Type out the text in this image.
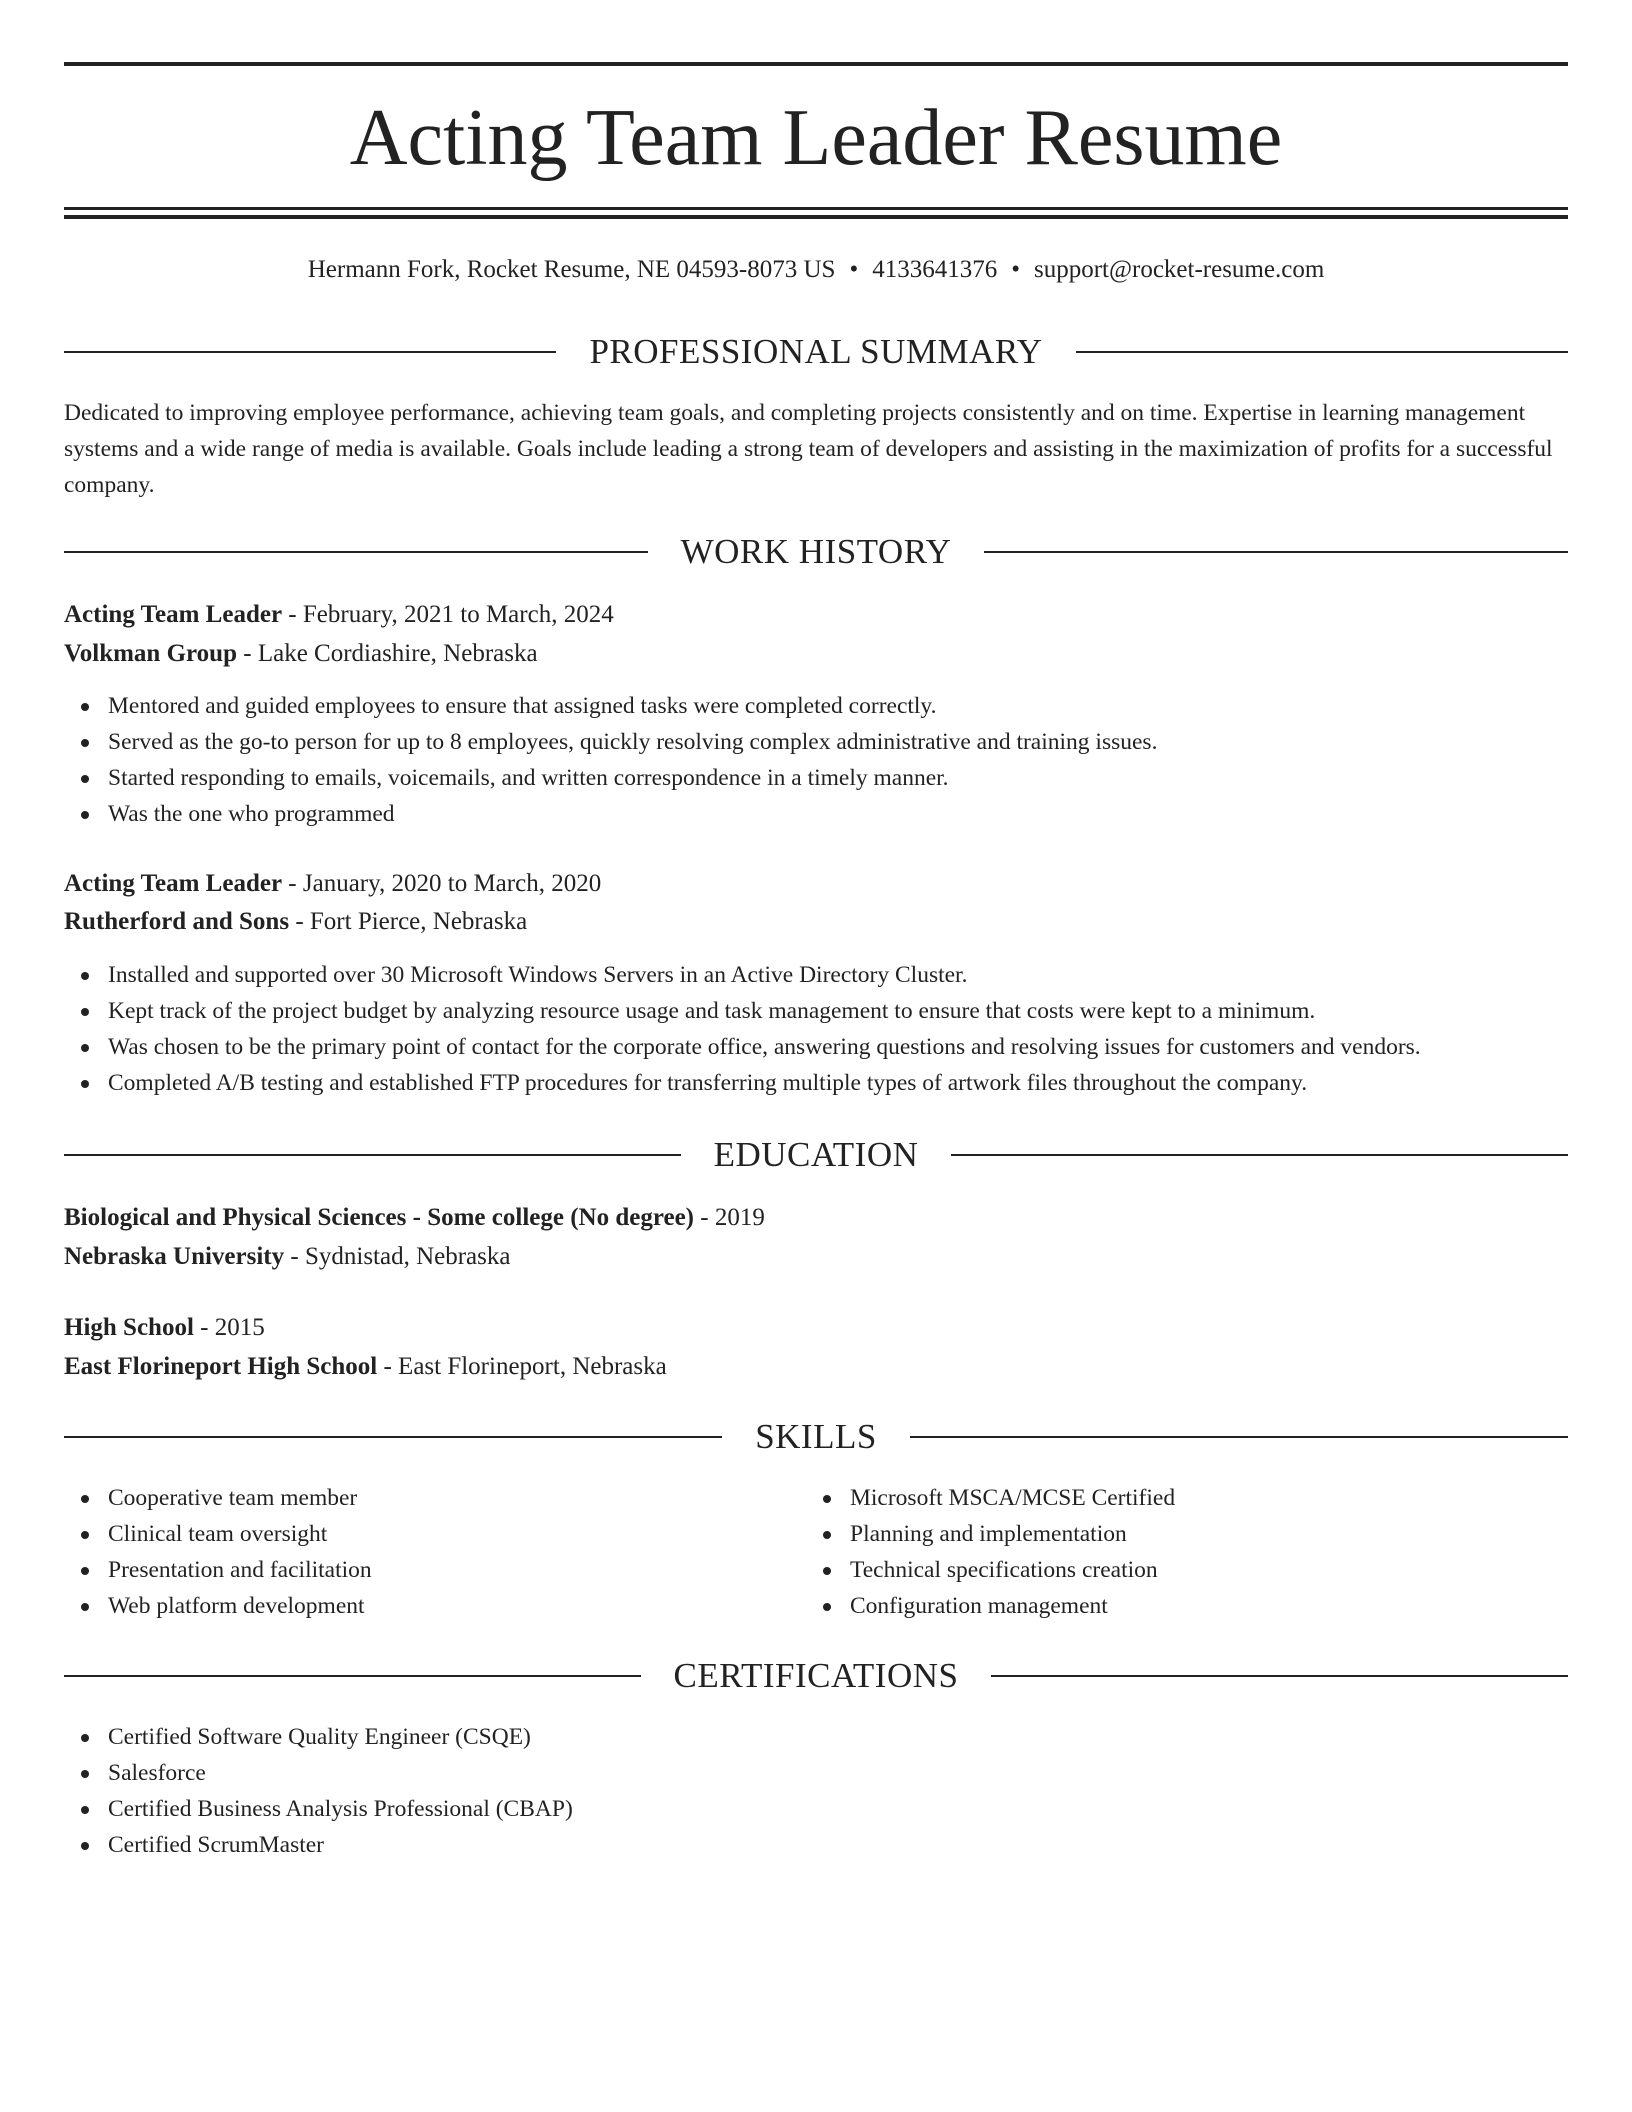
Acting Team Leader Resume
Hermann Fork, Rocket Resume, NE 04593-8073 US • 4133641376 • support@rocket-resume.com
PROFESSIONAL SUMMARY
Dedicated to improving employee performance, achieving team goals, and completing projects consistently and on time. Expertise in learning management systems and a wide range of media is available. Goals include leading a strong team of developers and assisting in the maximization of profits for a successful company.
WORK HISTORY
Acting Team Leader - February, 2021 to March, 2024
Volkman Group - Lake Cordiashire, Nebraska
Mentored and guided employees to ensure that assigned tasks were completed correctly.
Served as the go-to person for up to 8 employees, quickly resolving complex administrative and training issues.
Started responding to emails, voicemails, and written correspondence in a timely manner.
Was the one who programmed
Acting Team Leader - January, 2020 to March, 2020
Rutherford and Sons - Fort Pierce, Nebraska
Installed and supported over 30 Microsoft Windows Servers in an Active Directory Cluster.
Kept track of the project budget by analyzing resource usage and task management to ensure that costs were kept to a minimum.
Was chosen to be the primary point of contact for the corporate office, answering questions and resolving issues for customers and vendors.
Completed A/B testing and established FTP procedures for transferring multiple types of artwork files throughout the company.
EDUCATION
Biological and Physical Sciences - Some college (No degree) - 2019
Nebraska University - Sydnistad, Nebraska
High School - 2015
East Florineport High School - East Florineport, Nebraska
SKILLS
Cooperative team member
Clinical team oversight
Presentation and facilitation
Web platform development
Microsoft MSCA/MCSE Certified
Planning and implementation
Technical specifications creation
Configuration management
CERTIFICATIONS
Certified Software Quality Engineer (CSQE)
Salesforce
Certified Business Analysis Professional (CBAP)
Certified ScrumMaster
